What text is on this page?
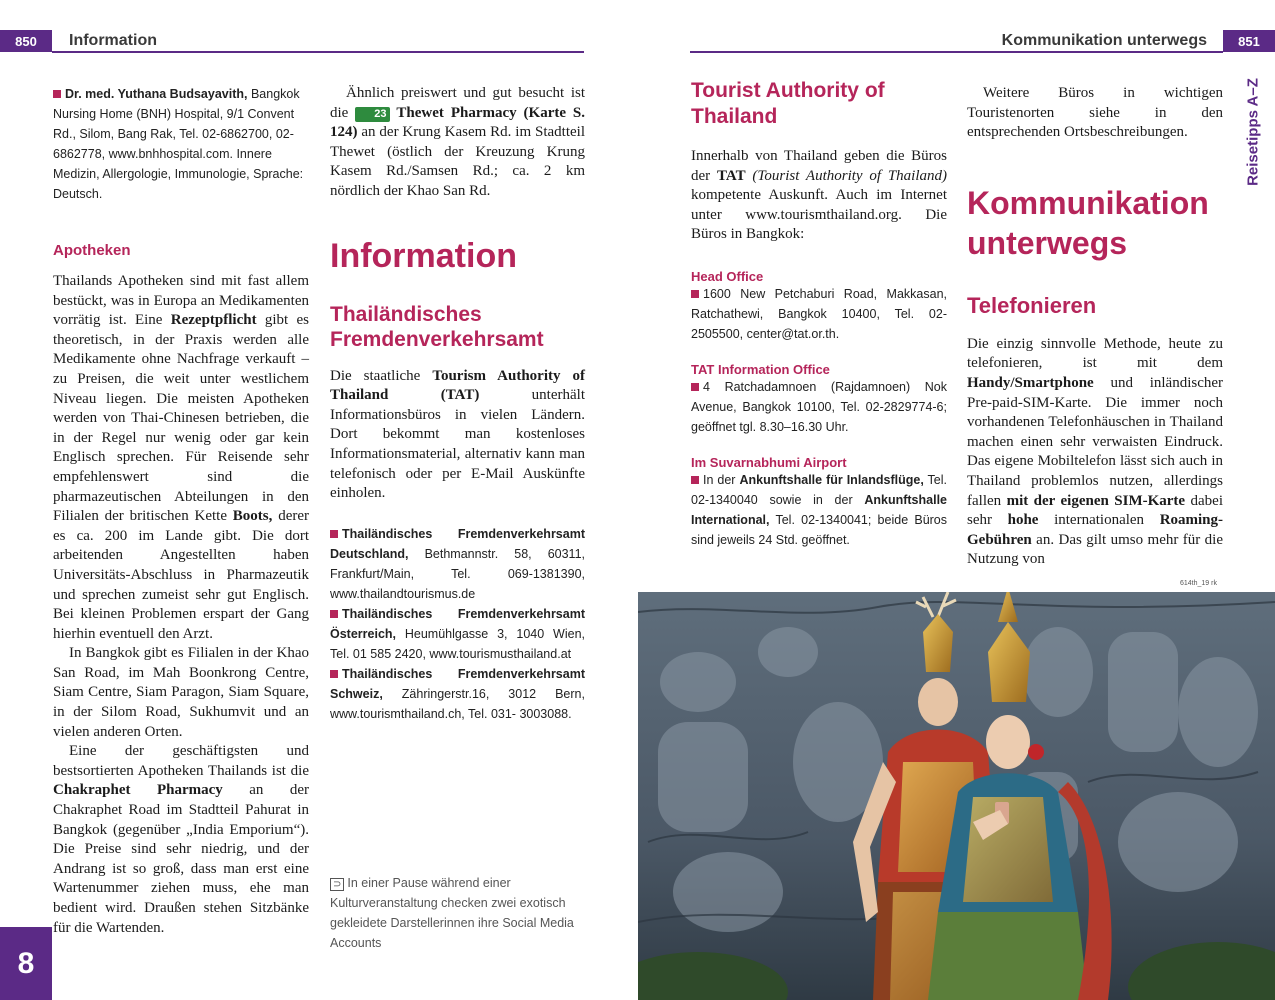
850	Information
8
Dr. med. Yuthana Budsayavith, Bangkok Nursing Home (BNH) Hospital, 9/1 Convent Rd., Silom, Bang Rak, Tel. 02-6862700, 02-6862778, www.bnhhospital.com. Innere Medizin, Allergologie, Immunologie, Sprache: Deutsch.
Apotheken

Thailands Apotheken sind mit fast allem bestückt, was in Europa an Medikamenten vorrätig ist. Eine Rezeptpflicht gibt es theoretisch, in der Praxis werden alle Medikamente ohne Nachfrage verkauft – zu Preisen, die weit unter westlichem Niveau liegen. Die meisten Apotheken werden von Thai-Chinesen betrieben, die in der Regel nur wenig oder gar kein Englisch sprechen. Für Reisende sehr empfehlenswert sind die pharmazeutischen Abteilungen in den Filialen der britischen Kette Boots, derer es ca. 200 im Lande gibt. Die dort arbeitenden Angestellten haben Universitäts-Abschluss in Pharmazeutik und sprechen zumeist sehr gut Englisch. Bei kleinen Problemen erspart der Gang hierhin eventuell den Arzt.

In Bangkok gibt es Filialen in der Khao San Road, im Mah Boonkrong Centre, Siam Centre, Siam Paragon, Siam Square, in der Silom Road, Sukhumvit und an vielen anderen Orten.

Eine der geschäftigsten und bestsortierten Apotheken Thailands ist die Chakraphet Pharmacy an der Chakraphet Road im Stadtteil Pahurat in Bangkok (gegenüber „India Emporium“). Die Preise sind sehr niedrig, und der Andrang ist so groß, dass man erst eine Wartenummer ziehen muss, ehe man bedient wird. Draußen stehen Sitzbänke für die Wartenden.

Ähnlich preiswert und gut besucht ist die 23 Thewet Pharmacy (Karte S. 124) an der Krung Kasem Rd. im Stadtteil Thewet (östlich der Kreuzung Krung Kasem Rd./Samsen Rd.; ca. 2 km nördlich der Khao San Rd.

Information
Thailändisches Fremdenverkehrsamt

Die staatliche Tourism Authority of Thailand (TAT)	unterhält Informationsbüros in vielen Ländern. Dort bekommt man kostenloses Informationsmaterial, alternativ kann man telefonisch oder per E-Mail Auskünfte einholen.

Thailändisches Fremdenverkehrsamt Deutschland, Bethmannstr. 58, 60311, Frankfurt/Main, Tel. 069-1381390, www.thailandtourismus.de
Thailändisches Fremdenverkehrsamt Österreich, Heumühlgasse 3, 1040 Wien, Tel. 01 585 2420, www.tourismusthailand.at
Thailändisches Fremdenverkehrsamt Schweiz, Zähringerstr.16, 3012 Bern, www.tourismthailand.ch, Tel. 031- 3003088.
⊃ In einer Pause während einer Kulturveranstaltung checken zwei exotisch gekleidete Darstellerinnen ihre Social Media Accounts
Kommunikation unterwegs	851
Reisetipps A–Z
Tourist Authority of Thailand

Innerhalb von Thailand geben die Büros der TAT (Tourist Authority of Thailand) kompetente Auskunft. Auch im Internet unter www.tourismthailand.org. Die Büros in Bangkok:

Head Office
1600 New Petchaburi Road, Makkasan, Ratchathewi, Bangkok 10400, Tel. 02-2505500, center@tat.or.th.
TAT Information Office
4 Ratchadamnoen (Rajdamnoen) Nok Avenue, Bangkok 10100, Tel. 02-2829774-6; geöffnet tgl. 8.30–16.30 Uhr.
Im Suvarnabhumi Airport
In der Ankunftshalle für Inlandsflüge, Tel. 02-1340040 sowie in der Ankunftshalle International, Tel. 02-1340041; beide Büros sind jeweils 24 Std. geöffnet.

Weitere Büros in wichtigen Touristenorten siehe in den entsprechenden Ortsbeschreibungen.

Kommunikation unterwegs
Telefonieren

Die einzig sinnvolle Methode, heute zu telefonieren, ist mit dem Handy/Smartphone und inländischer Pre-paid-SIM-Karte. Die immer noch vorhandenen Telefonhäuschen in Thailand machen einen sehr verwaisten Eindruck. Das eigene Mobiltelefon lässt sich auch in Thailand problemlos nutzen, allerdings fallen mit der eigenen SIM-Karte dabei sehr hohe internationalen Roaming-Gebühren an. Das gilt umso mehr für die Nutzung von

614th_19 rk
